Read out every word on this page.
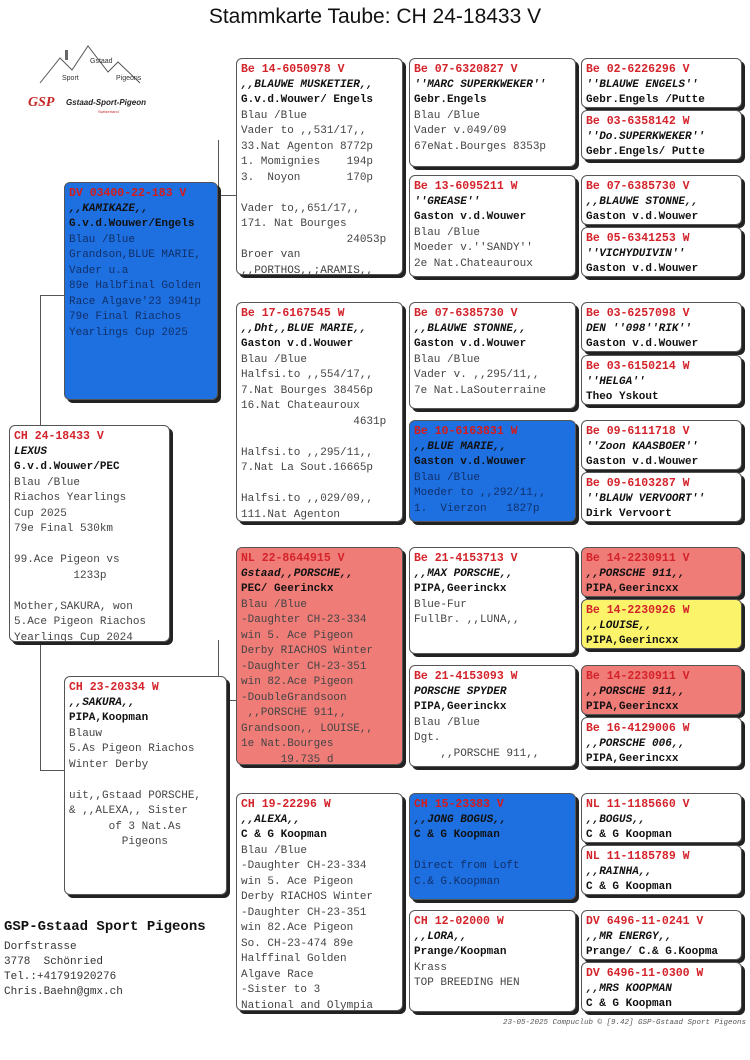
Stammkarte Taube: CH 24-18433 V
Sport
Gstaad
Pigeons
GSP Gstaad-Sport-Pigeon
Switzerland
GSP-Gstaad Sport Pigeons
Dorfstrasse
3778  Schönried
Tel.:+41791920276
Chris.Baehn@gmx.ch
23-05-2025 Compuclub © [9.42] GSP-Gstaad Sport Pigeons
CH 24-18433 V
LEXUS
G.v.d.Wouwer/PEC
Blau /Blue
Riachos Yearlings
Cup 2025
79e Final 530km

99.Ace Pigeon vs
1233p

Mother,SAKURA, won
5.Ace Pigeon Riachos
Yearlings Cup 2024
DV 03400-22-183 V
,,KAMIKAZE,,
G.v.d.Wouwer/Engels
Blau /Blue
Grandson,BLUE MARIE,
Vader u.a
89e Halbfinal Golden
Race Algave'23 3941p
79e Final Riachos
Yearlings Cup 2025
CH 23-20334 W
,,SAKURA,,
PIPA,Koopman
Blauw
5.As Pigeon Riachos
Winter Derby

uit,,Gstaad PORSCHE,
& ,,ALEXA,, Sister
of 3 Nat.As
Pigeons
Be 14-6050978 V
,,BLAUWE MUSKETIER,,
G.v.d.Wouwer/ Engels
Blau /Blue
Vader to ,,531/17,,
33.Nat Agenton 8772p
1. Momignies    194p
3.  Noyon       170p

Vader to,,651/17,,
171. Nat Bourges
24053p
Broer van
,,PORTHOS,,;ARAMIS,,
Be 17-6167545 W
,,Dht,,BLUE MARIE,,
Gaston v.d.Wouwer
Blau /Blue
Halfsi.to ,,554/17,,
7.Nat Bourges 38456p
16.Nat Chateauroux
4631p

Halfsi.to ,,295/11,,
7.Nat La Sout.16665p

Halfsi.to ,,029/09,,
111.Nat Agenton
NL 22-8644915 V
Gstaad,,PORSCHE,,
PEC/ Geerinckx
Blau /Blue
-Daughter CH-23-334
win 5. Ace Pigeon
Derby RIACHOS Winter
-Daughter CH-23-351
win 82.Ace Pigeon
-DoubleGrandsoon
,,PORSCHE 911,,
Grandsoon,, LOUISE,,
1e Nat.Bourges
19.735 d
CH 19-22296 W
,,ALEXA,,
C & G Koopman
Blau /Blue
-Daughter CH-23-334
win 5. Ace Pigeon
Derby RIACHOS Winter
-Daughter CH-23-351
win 82.Ace Pigeon
So. CH-23-474 89e
Halffinal Golden
Algave Race
-Sister to 3
National and Olympia
Be 07-6320827 V
''MARC SUPERKWEKER''
Gebr.Engels
Blau /Blue
Vader v.049/09
67eNat.Bourges 8353p
Be 13-6095211 W
''GREASE''
Gaston v.d.Wouwer
Blau /Blue
Moeder v.''SANDY''
2e Nat.Chateauroux
Be 07-6385730 V
,,BLAUWE STONNE,,
Gaston v.d.Wouwer
Blau /Blue
Vader v. ,,295/11,,
7e Nat.LaSouterraine
Be 10-6163831 W
,,BLUE MARIE,,
Gaston v.d.Wouwer
Blau /Blue
Moeder to ,,292/11,,
1.  Vierzon   1827p
Be 21-4153713 V
,,MAX PORSCHE,,
PIPA,Geerinckx
Blue-Fur
FullBr. ,,LUNA,,
Be 21-4153093 W
PORSCHE SPYDER
PIPA,Geerinckx
Blau /Blue
Dgt.
,,PORSCHE 911,,
CH 15-23383 V
,,JONG BOGUS,,
C & G Koopman

Direct from Loft
C.& G.Koopman
CH 12-02000 W
,,LORA,,
Prange/Koopman
Krass
TOP BREEDING HEN
Be 02-6226296 V
''BLAUWE ENGELS''
Gebr.Engels /Putte
Be 03-6358142 W
''Do.SUPERKWEKER''
Gebr.Engels/ Putte
Be 07-6385730 V
,,BLAUWE STONNE,,
Gaston v.d.Wouwer
Be 05-6341253 W
''VICHYDUIVIN''
Gaston v.d.Wouwer
Be 03-6257098 V
DEN ''098''RIK''
Gaston v.d.Wouwer
Be 03-6150214 W
''HELGA''
Theo Yskout
Be 09-6111718 V
''Zoon KAASBOER''
Gaston v.d.Wouwer
Be 09-6103287 W
''BLAUW VERVOORT''
Dirk Vervoort
Be 14-2230911 V
,,PORSCHE 911,,
PIPA,Geerincxx
Be 14-2230926 W
,,LOUISE,,
PIPA,Geerincxx
Be 14-2230911 V
,,PORSCHE 911,,
PIPA,Geerincxx
Be 16-4129006 W
,,PORSCHE 006,,
PIPA,Geerincxx
NL 11-1185660 V
,,BOGUS,,
C & G Koopman
NL 11-1185789 W
,,RAINHA,,
C & G Koopman
DV 6496-11-0241 V
,,MR ENERGY,,
Prange/ C.& G.Koopma
DV 6496-11-0300 W
,,MRS KOOPMAN
C & G Koopman
